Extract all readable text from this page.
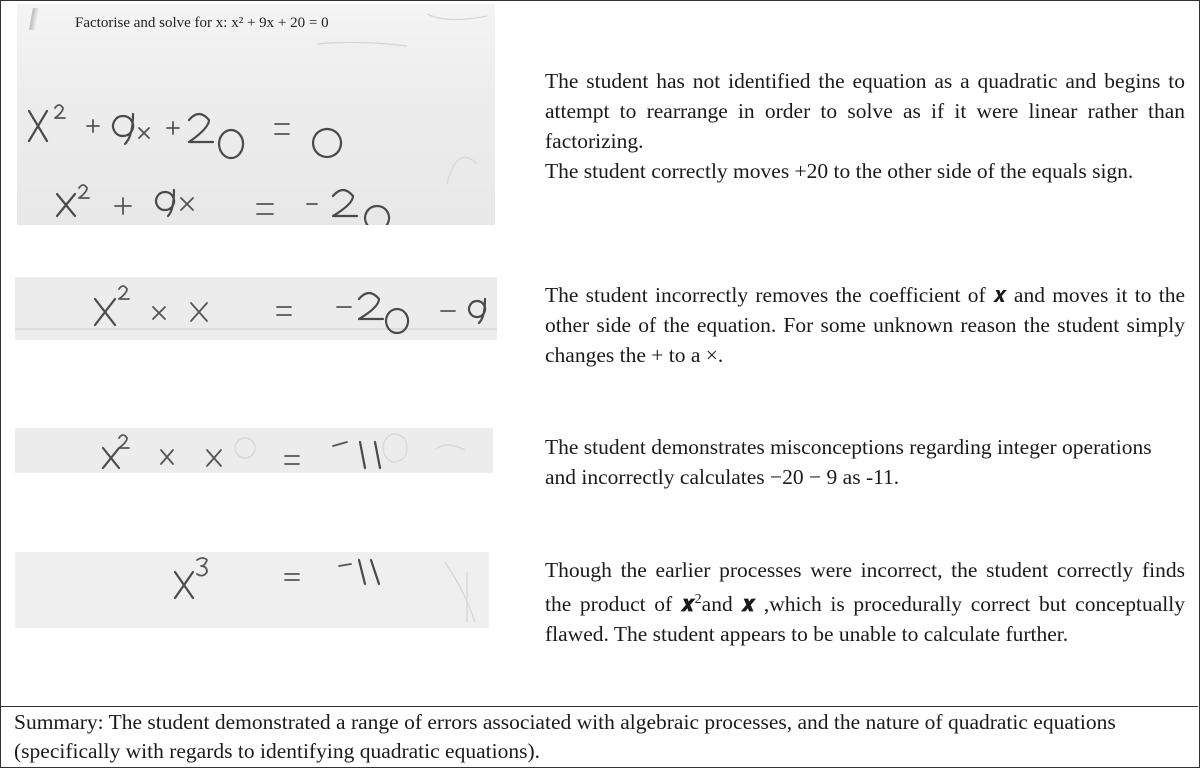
Factorise and solve for x: x² + 9x + 20 = 0
The student has not identified the equation as a quadratic and begins to attempt to rearrange in order to solve as if it were linear rather than factorizing.
The student correctly moves +20 to the other side of the equals sign.
The student incorrectly removes the coefficient of 𝒙 and moves it to the other side of the equation. For some unknown reason the student simply changes the + to a ×.
The student demonstrates misconceptions regarding integer operations and incorrectly calculates −20 − 9 as -11.
Though the earlier processes were incorrect, the student correctly finds the product of 𝒙$^2$and 𝒙 ,which is procedurally correct but conceptually flawed. The student appears to be unable to calculate further.
Summary: The student demonstrated a range of errors associated with algebraic processes, and the nature of quadratic equations (specifically with regards to identifying quadratic equations).
